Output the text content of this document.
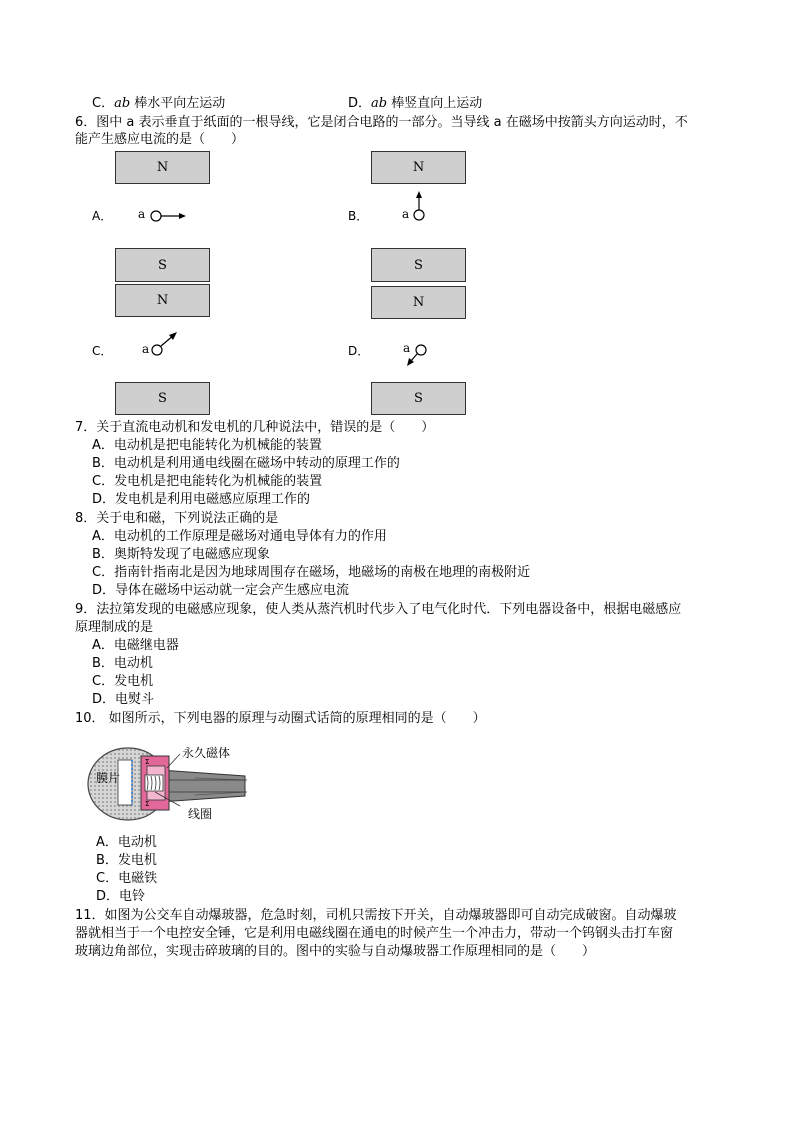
C．ab 棒水平向左运动	D．ab 棒竖直向上运动
6．图中 a 表示垂直于纸面的一根导线，它是闭合电路的一部分。当导线 a 在磁场中按箭头方向运动时，不
能产生感应电流的是（　　）
N
A． a
N
B．	a
S
N
C． a
S
S
N
D．	a
S
7．关于直流电动机和发电机的几种说法中，错误的是（　　）
A．电动机是把电能转化为机械能的装置
B．电动机是利用通电线圈在磁场中转动的原理工作的
C．发电机是把电能转化为机械能的装置
D．发电机是利用电磁感应原理工作的
8．关于电和磁，下列说法正确的是
A．电动机的工作原理是磁场对通电导体有力的作用
B．奥斯特发现了电磁感应现象
C．指南针指南北是因为地球周围存在磁场，地磁场的南极在地理的南极附近
D．导体在磁场中运动就一定会产生感应电流
9．法拉第发现的电磁感应现象，使人类从蒸汽机时代步入了电气化时代．下列电器设备中，根据电磁感应
原理制成的是
A．电磁继电器
B．电动机
C．发电机
D．电熨斗
10． 如图所示，下列电器的原理与动圈式话筒的原理相同的是（　　）
Σ
Σ
永久磁体
膜片
线圈
A．电动机
B．发电机
C．电磁铁
D．电铃
11．如图为公交车自动爆玻器，危急时刻，司机只需按下开关，自动爆玻器即可自动完成破窗。自动爆玻
器就相当于一个电控安全锤，它是利用电磁线圈在通电的时候产生一个冲击力，带动一个钨钢头击打车窗
玻璃边角部位，实现击碎玻璃的目的。图中的实验与自动爆玻器工作原理相同的是（　　）
